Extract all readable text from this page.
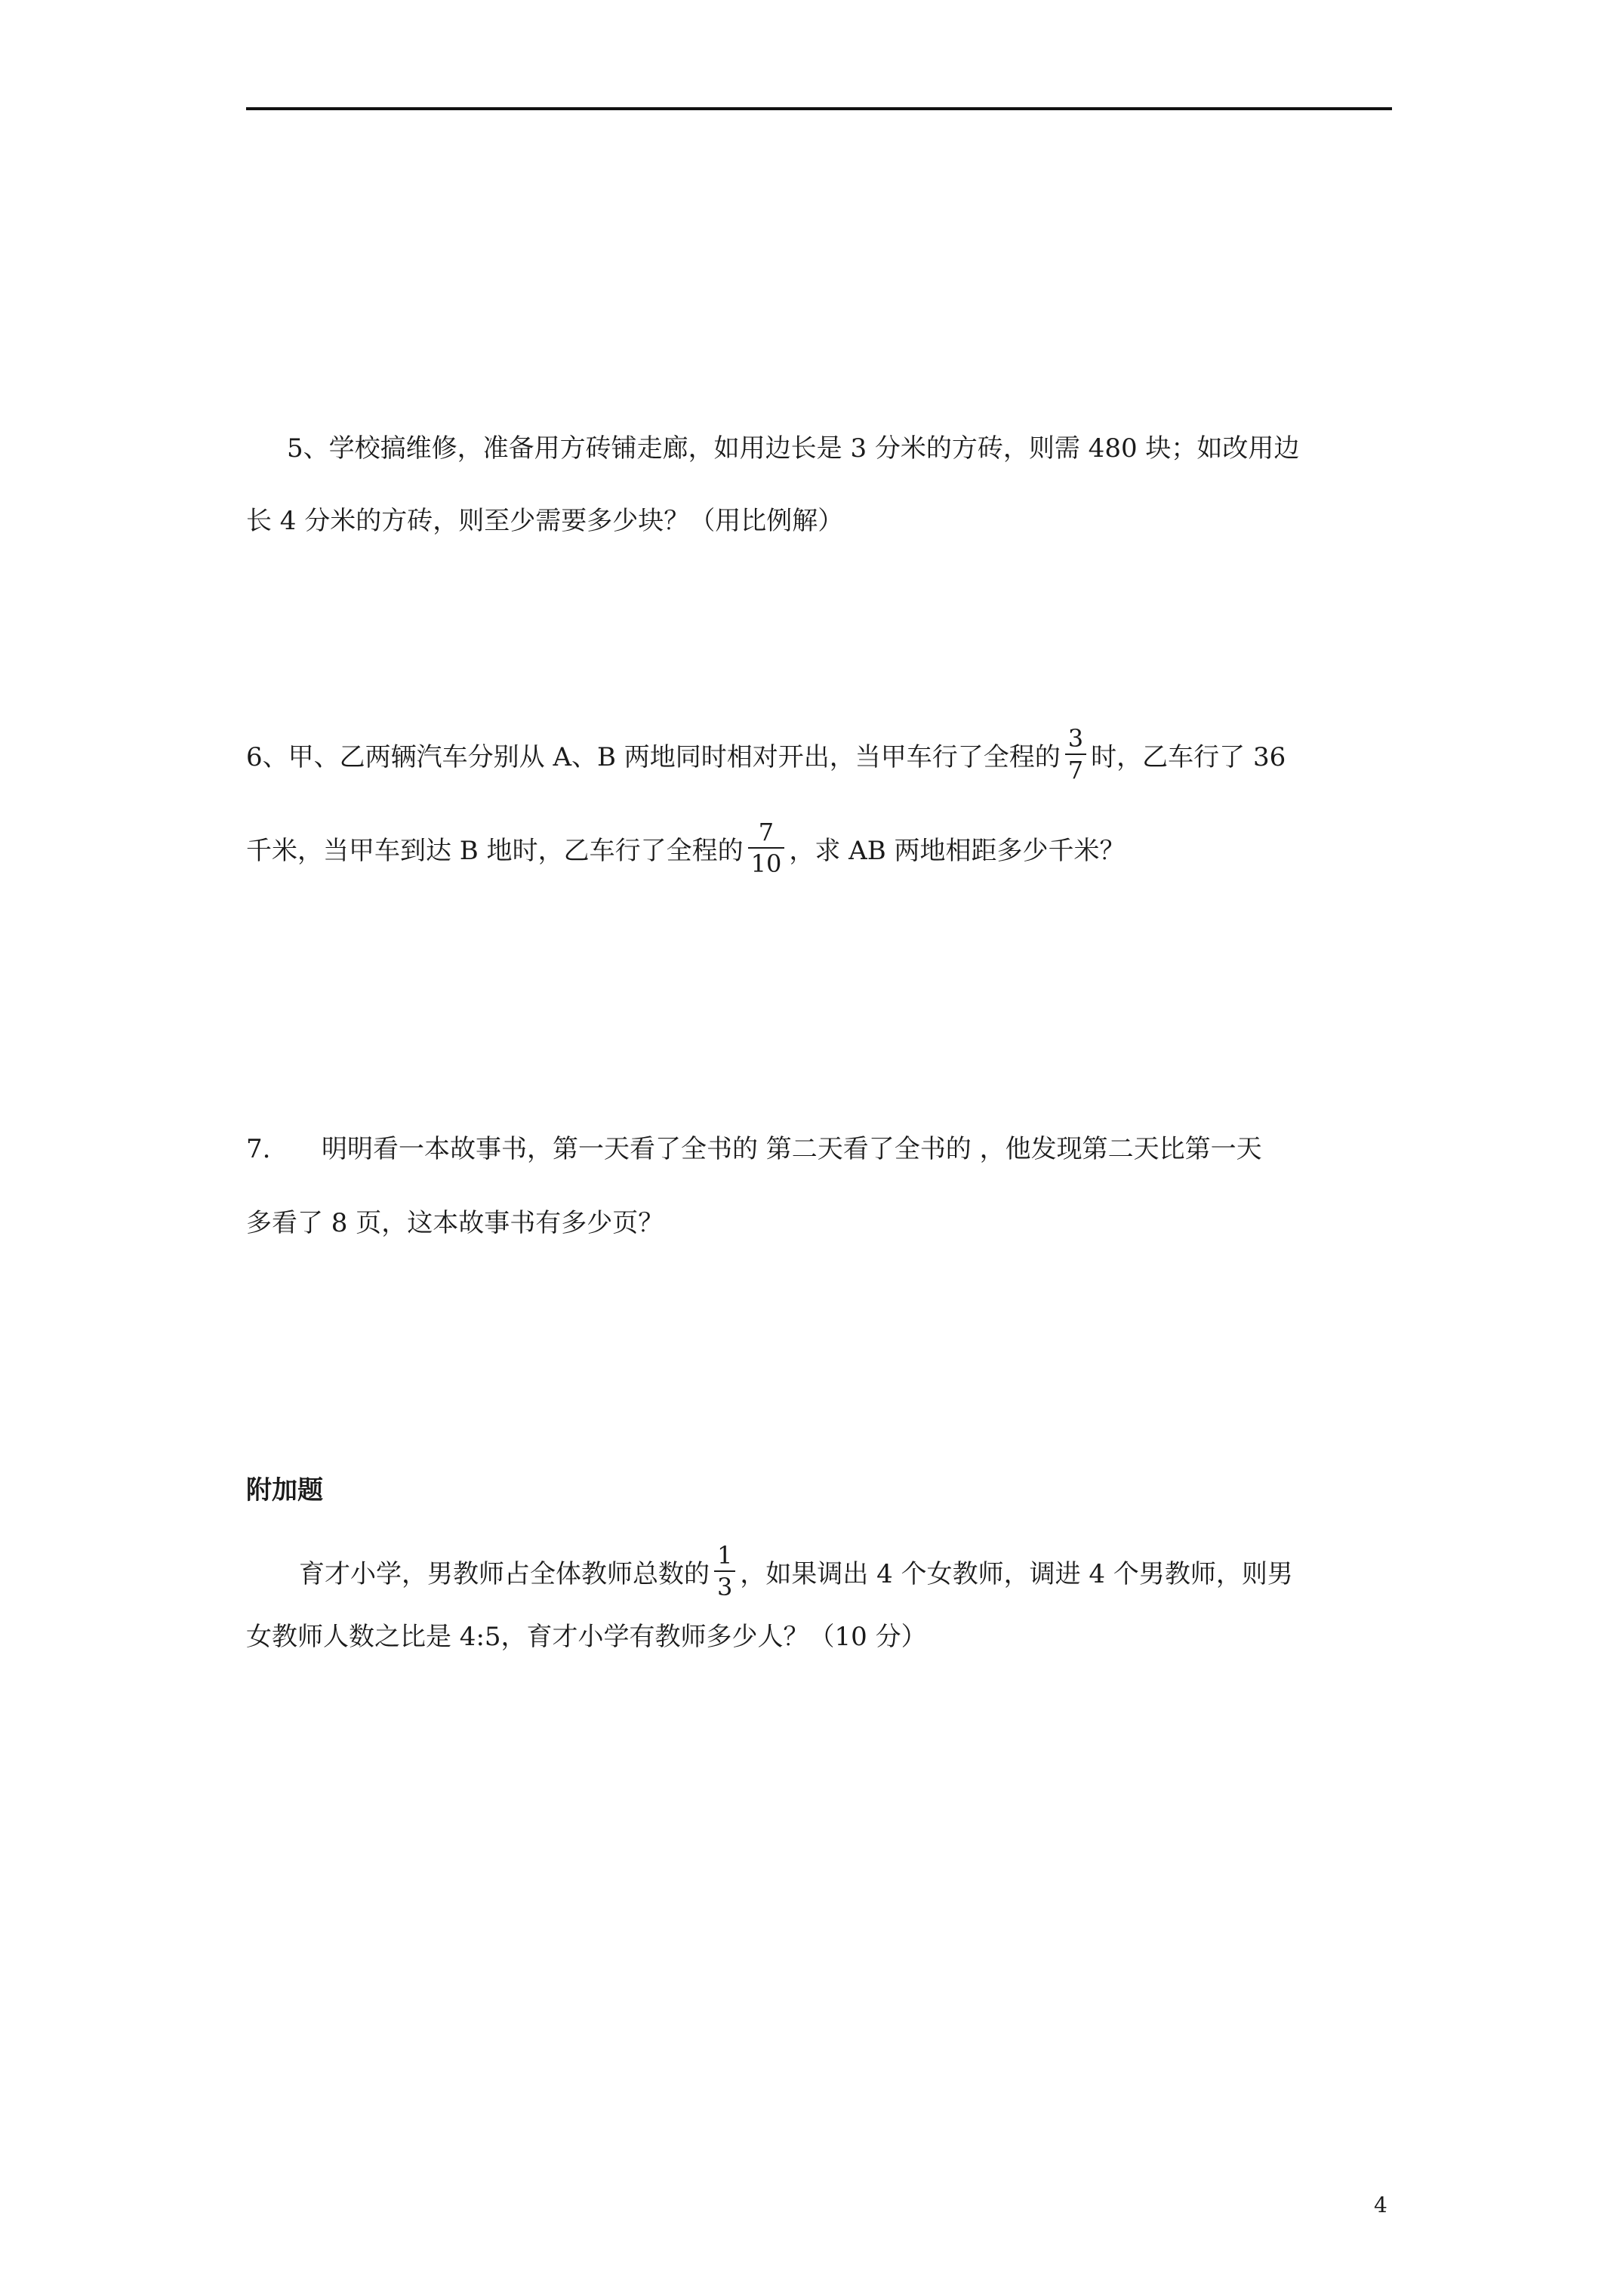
5、学校搞维修，准备用方砖铺走廊，如用边长是 3 分米的方砖，则需 480 块；如改用边
长 4 分米的方砖，则至少需要多少块？（用比例解）
6、甲、乙两辆汽车分别从 A、B 两地同时相对开出，当甲车行了全程的 $\frac{3}{7}$ 时，乙车行了 36
千米，当甲车到达 B 地时，乙车行了全程的 $\frac{7}{10}$ ，求 AB 两地相距多少千米？
7. 明明看一本故事书，第一天看了全书的 第二天看了全书的 ，他发现第二天比第一天
多看了 8 页，这本故事书有多少页？
附加题
育才小学，男教师占全体教师总数的 $\frac{1}{3}$ ，如果调出 4 个女教师，调进 4 个男教师，则男
女教师人数之比是 4:5，育才小学有教师多少人？（10 分）
4
